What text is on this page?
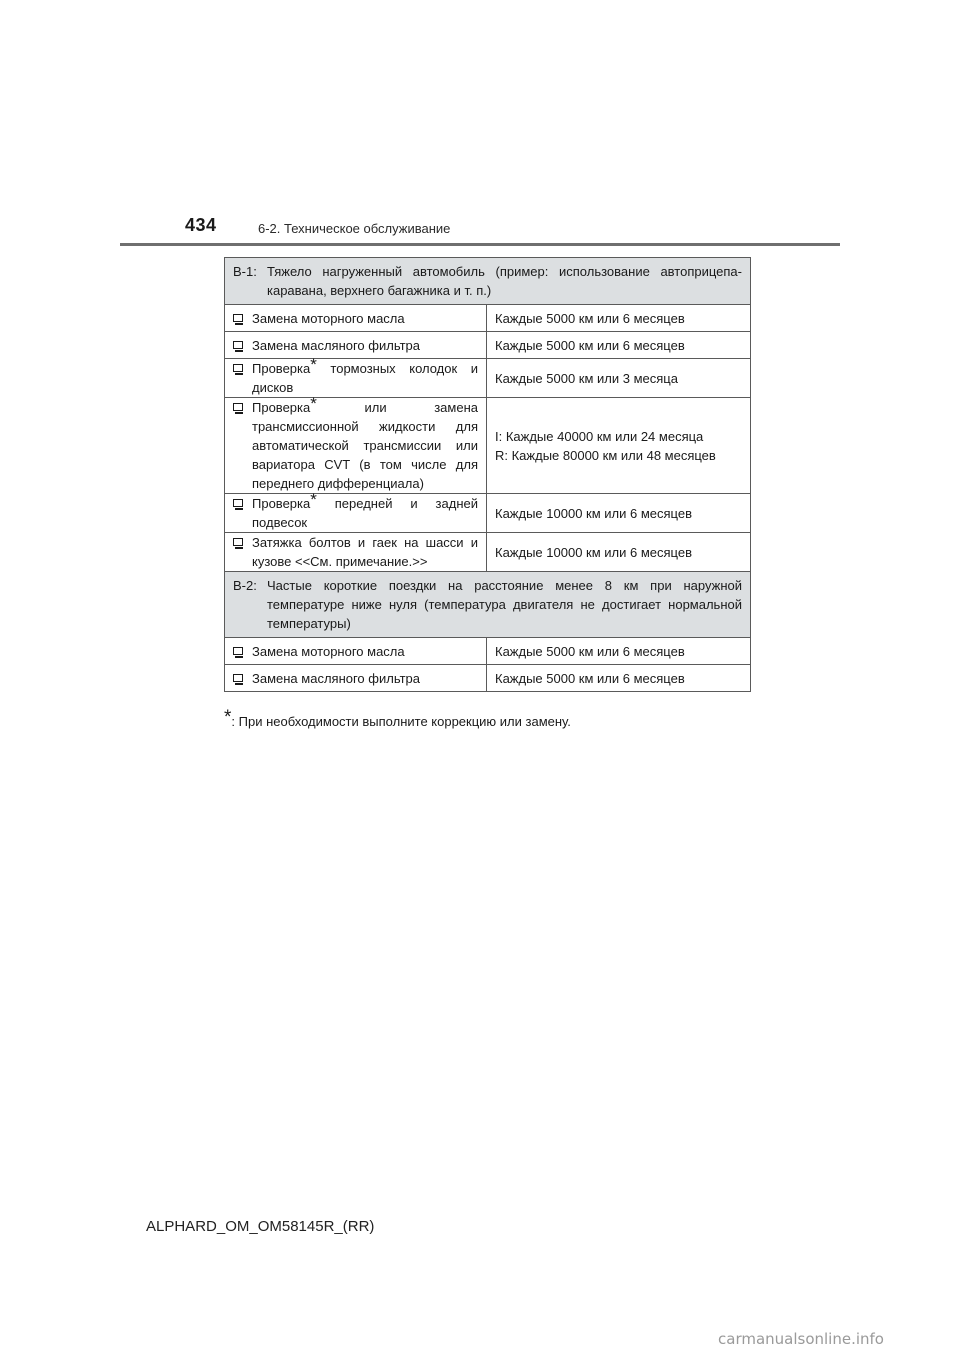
434	6-2. Техническое обслуживание
B-1: Тяжело нагруженный автомобиль (пример: использование автоприцепа-каравана, верхнего багажника и т. п.)	

Замена моторного масла	Каждые 5000 км или 6 месяцев

Замена масляного фильтра	Каждые 5000 км или 6 месяцев

Проверка* тормозных колодок и дисков	Каждые 5000 км или 3 месяца

Проверка* или замена трансмиссионной жидкости для автоматической трансмиссии или вариатора CVT (в том числе для переднего дифференциала)	I: Каждые 40000 км или 24 месяца
R: Каждые 80000 км или 48 месяцев

Проверка* передней и задней подвесок	Каждые 10000 км или 6 месяцев

Затяжка болтов и гаек на шасси и кузове <<См. примечание.>>	Каждые 10000 км или 6 месяцев

B-2: Частые короткие поездки на расстояние менее 8 км при наружной температуре ниже нуля (температура двигателя не достигает нормальной температуры)	

Замена моторного масла	Каждые 5000 км или 6 месяцев

Замена масляного фильтра	Каждые 5000 км или 6 месяцев
*: При необходимости выполните коррекцию или замену.
ALPHARD_OM_OM58145R_(RR)
carmanualsonline.info
